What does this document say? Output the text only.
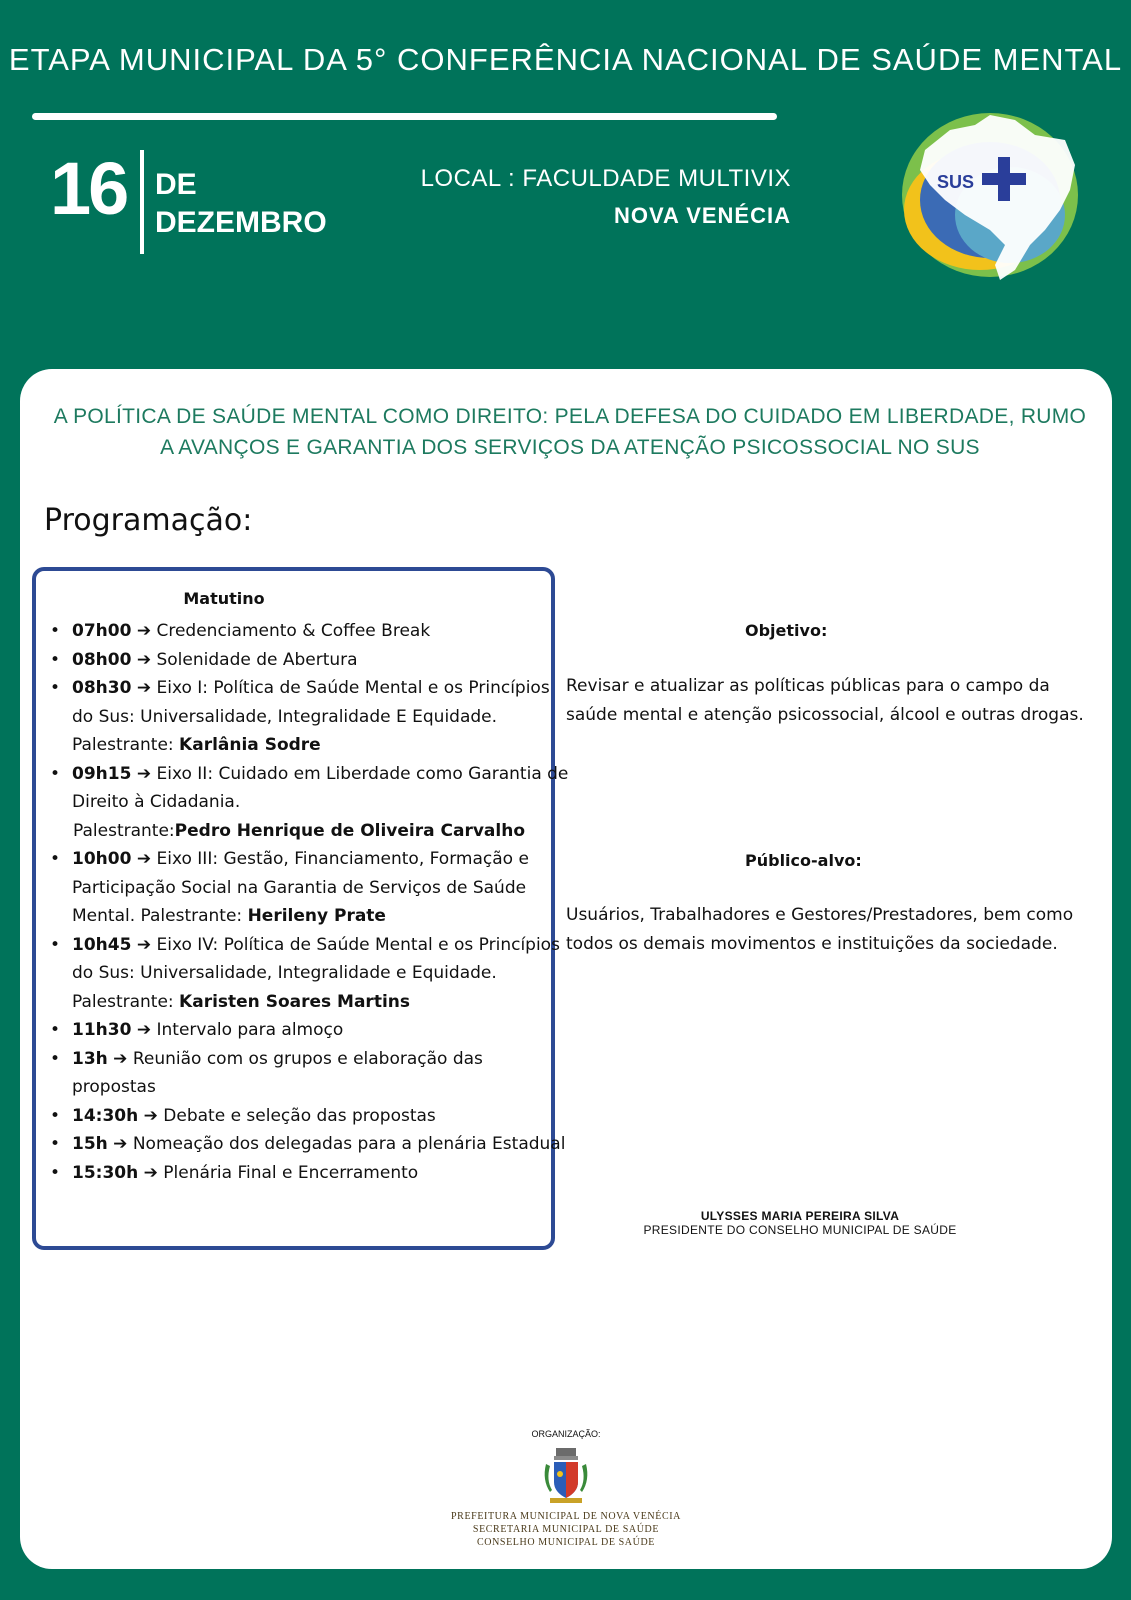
ETAPA MUNICIPAL DA 5° CONFERÊNCIA NACIONAL DE SAÚDE MENTAL
16 DE
DEZEMBRO
LOCAL : FACULDADE MULTIVIX
NOVA VENÉCIA
SUS
A POLÍTICA DE SAÚDE MENTAL COMO DIREITO: PELA DEFESA DO CUIDADO EM LIBERDADE, RUMO
A AVANÇOS E GARANTIA DOS SERVIÇOS DA ATENÇÃO PSICOSSOCIAL NO SUS
Programação:
Matutino
• 07h00 ➔ Credenciamento & Coffee Break
• 08h00 ➔ Solenidade de Abertura
• 08h30 ➔ Eixo I: Política de Saúde Mental e os Princípios do Sus: Universalidade, Integralidade E Equidade. Palestrante: Karlânia Sodre
• 09h15 ➔ Eixo II: Cuidado em Liberdade como Garantia de Direito à Cidadania.
Palestrante:Pedro Henrique de Oliveira Carvalho
• 10h00 ➔ Eixo III: Gestão, Financiamento, Formação e Participação Social na Garantia de Serviços de Saúde Mental. Palestrante: Herileny Prate
• 10h45 ➔ Eixo IV: Política de Saúde Mental e os Princípios do Sus: Universalidade, Integralidade e Equidade. Palestrante: Karisten Soares Martins
• 11h30 ➔ Intervalo para almoço
• 13h ➔ Reunião com os grupos e elaboração das propostas
• 14:30h ➔ Debate e seleção das propostas
• 15h ➔ Nomeação dos delegadas para a plenária Estadual
• 15:30h ➔ Plenária Final e Encerramento
Objetivo:
Revisar e atualizar as políticas públicas para o campo da saúde mental e atenção psicossocial, álcool e outras drogas.
Público-alvo:
Usuários, Trabalhadores e Gestores/Prestadores, bem como todos os demais movimentos e instituições da sociedade.
ULYSSES MARIA PEREIRA SILVA
PRESIDENTE DO CONSELHO MUNICIPAL DE SAÚDE
ORGANIZAÇÃO:
PREFEITURA MUNICIPAL DE NOVA VENÉCIA
SECRETARIA MUNICIPAL DE SAÚDE
CONSELHO MUNICIPAL DE SAÚDE
